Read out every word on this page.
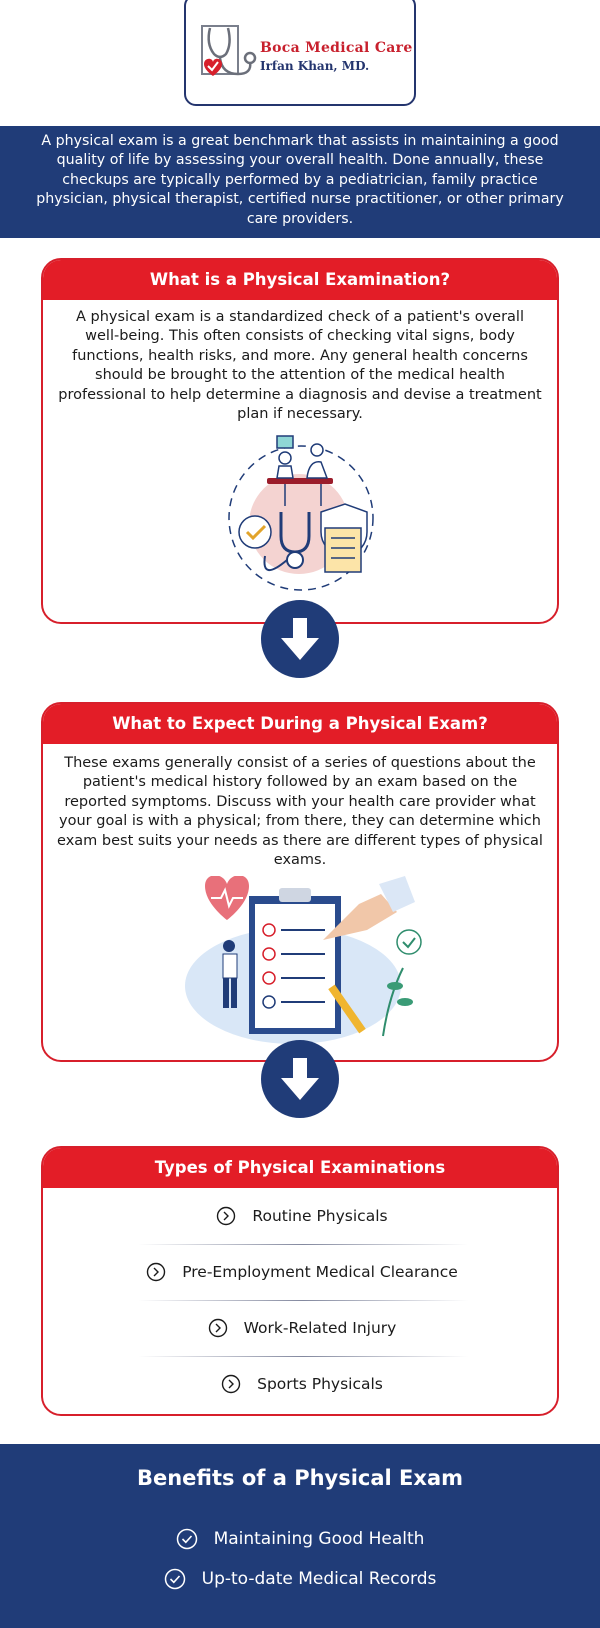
Boca Medical Care
Irfan Khan, MD.
A physical exam is a great benchmark that assists in maintaining a good quality of life by assessing your overall health. Done annually, these checkups are typically performed by a pediatrician, family practice physician, physical therapist, certified nurse practitioner, or other primary care providers.
What is a Physical Examination?
A physical exam is a standardized check of a patient's overall well-being. This often consists of checking vital signs, body functions, health risks, and more. Any general health concerns should be brought to the attention of the medical health professional to help determine a diagnosis and devise a treatment plan if necessary.
What to Expect During a Physical Exam?
These exams generally consist of a series of questions about the patient's medical history followed by an exam based on the reported symptoms. Discuss with your health care provider what your goal is with a physical; from there, they can determine which exam best suits your needs as there are different types of physical exams.
Types of Physical Examinations
Routine Physicals
Pre-Employment Medical Clearance
Work-Related Injury
Sports Physicals
Benefits of a Physical Exam
Maintaining Good Health
Up-to-date Medical Records
